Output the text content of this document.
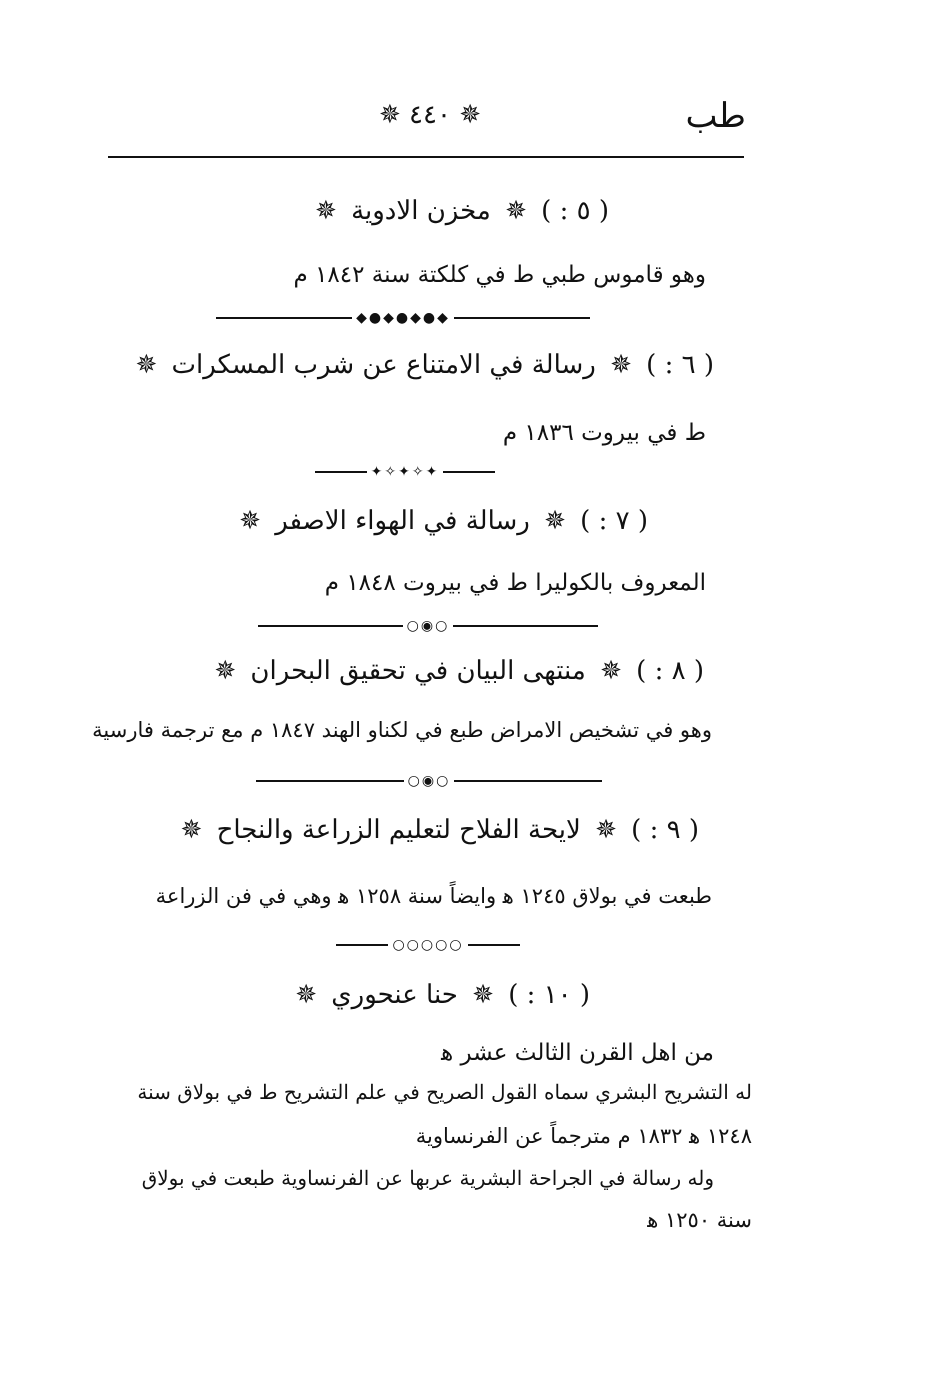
طب
✵ ٤٤٠ ✵
( ٥ : ) ✵ مخزن الادوية ✵
وهو قاموس طبي ط في كلكتة سنة ١٨٤٢ م
◆●◆●◆●◆
( ٦ : ) ✵ رسالة في الامتناع عن شرب المسكرات ✵
ط في بيروت ١٨٣٦ م
✦✧✦✧✦
( ٧ : ) ✵ رسالة في الهواء الاصفر ✵
المعروف بالكوليرا ط في بيروت ١٨٤٨ م
○◉○
( ٨ : ) ✵ منتهى البيان في تحقيق البحران ✵
وهو في تشخيص الامراض طبع في لكناو الهند ١٨٤٧ م مع ترجمة فارسية
○◉○
( ٩ : ) ✵ لايحة الفلاح لتعليم الزراعة والنجاح ✵
طبعت في بولاق ١٢٤٥ ﻫ وايضاً سنة ١٢٥٨ ﻫ وهي في فن الزراعة
○○○○○
( ١٠ : ) ✵ حنا عنحوري ✵
من اهل القرن الثالث عشر ﻫ
له التشريح البشري سماه القول الصريح في علم التشريح ط في بولاق سنة
١٢٤٨ ﻫ ١٨٣٢ م مترجماً عن الفرنساوية
وله رسالة في الجراحة البشرية عربها عن الفرنساوية طبعت في بولاق
سنة ١٢٥٠ ﻫ
